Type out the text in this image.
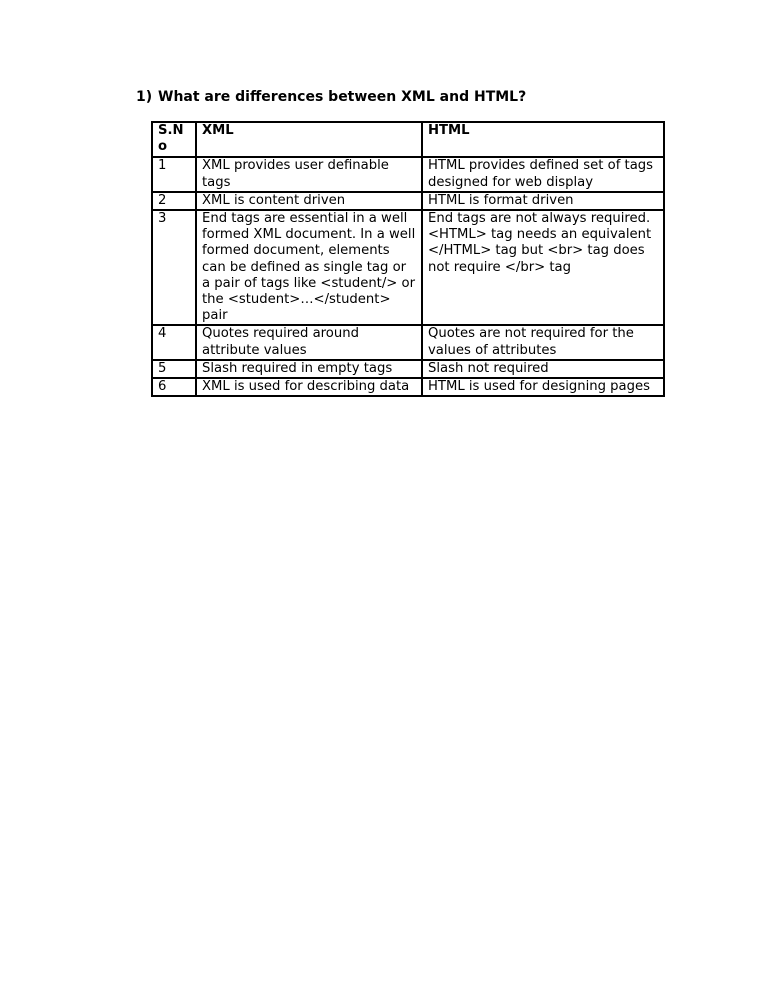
1) What are differences between XML and HTML?
S.No	XML	HTML
1	XML provides user definable tags	HTML provides defined set of tags designed for web display
2	XML is content driven	HTML is format driven
3	End tags are essential in a well formed XML document. In a well formed document, elements can be defined as single tag or a pair of tags like <student/> or the <student>…</student> pair	End tags are not always required.<HTML> tag needs an equivalent </HTML> tag but <br> tag does not require </br> tag
4	Quotes required around attribute values	Quotes are not required for the values of attributes
5	Slash required in empty tags	Slash not required
6	XML is used for describing data	HTML is used for designing pages
